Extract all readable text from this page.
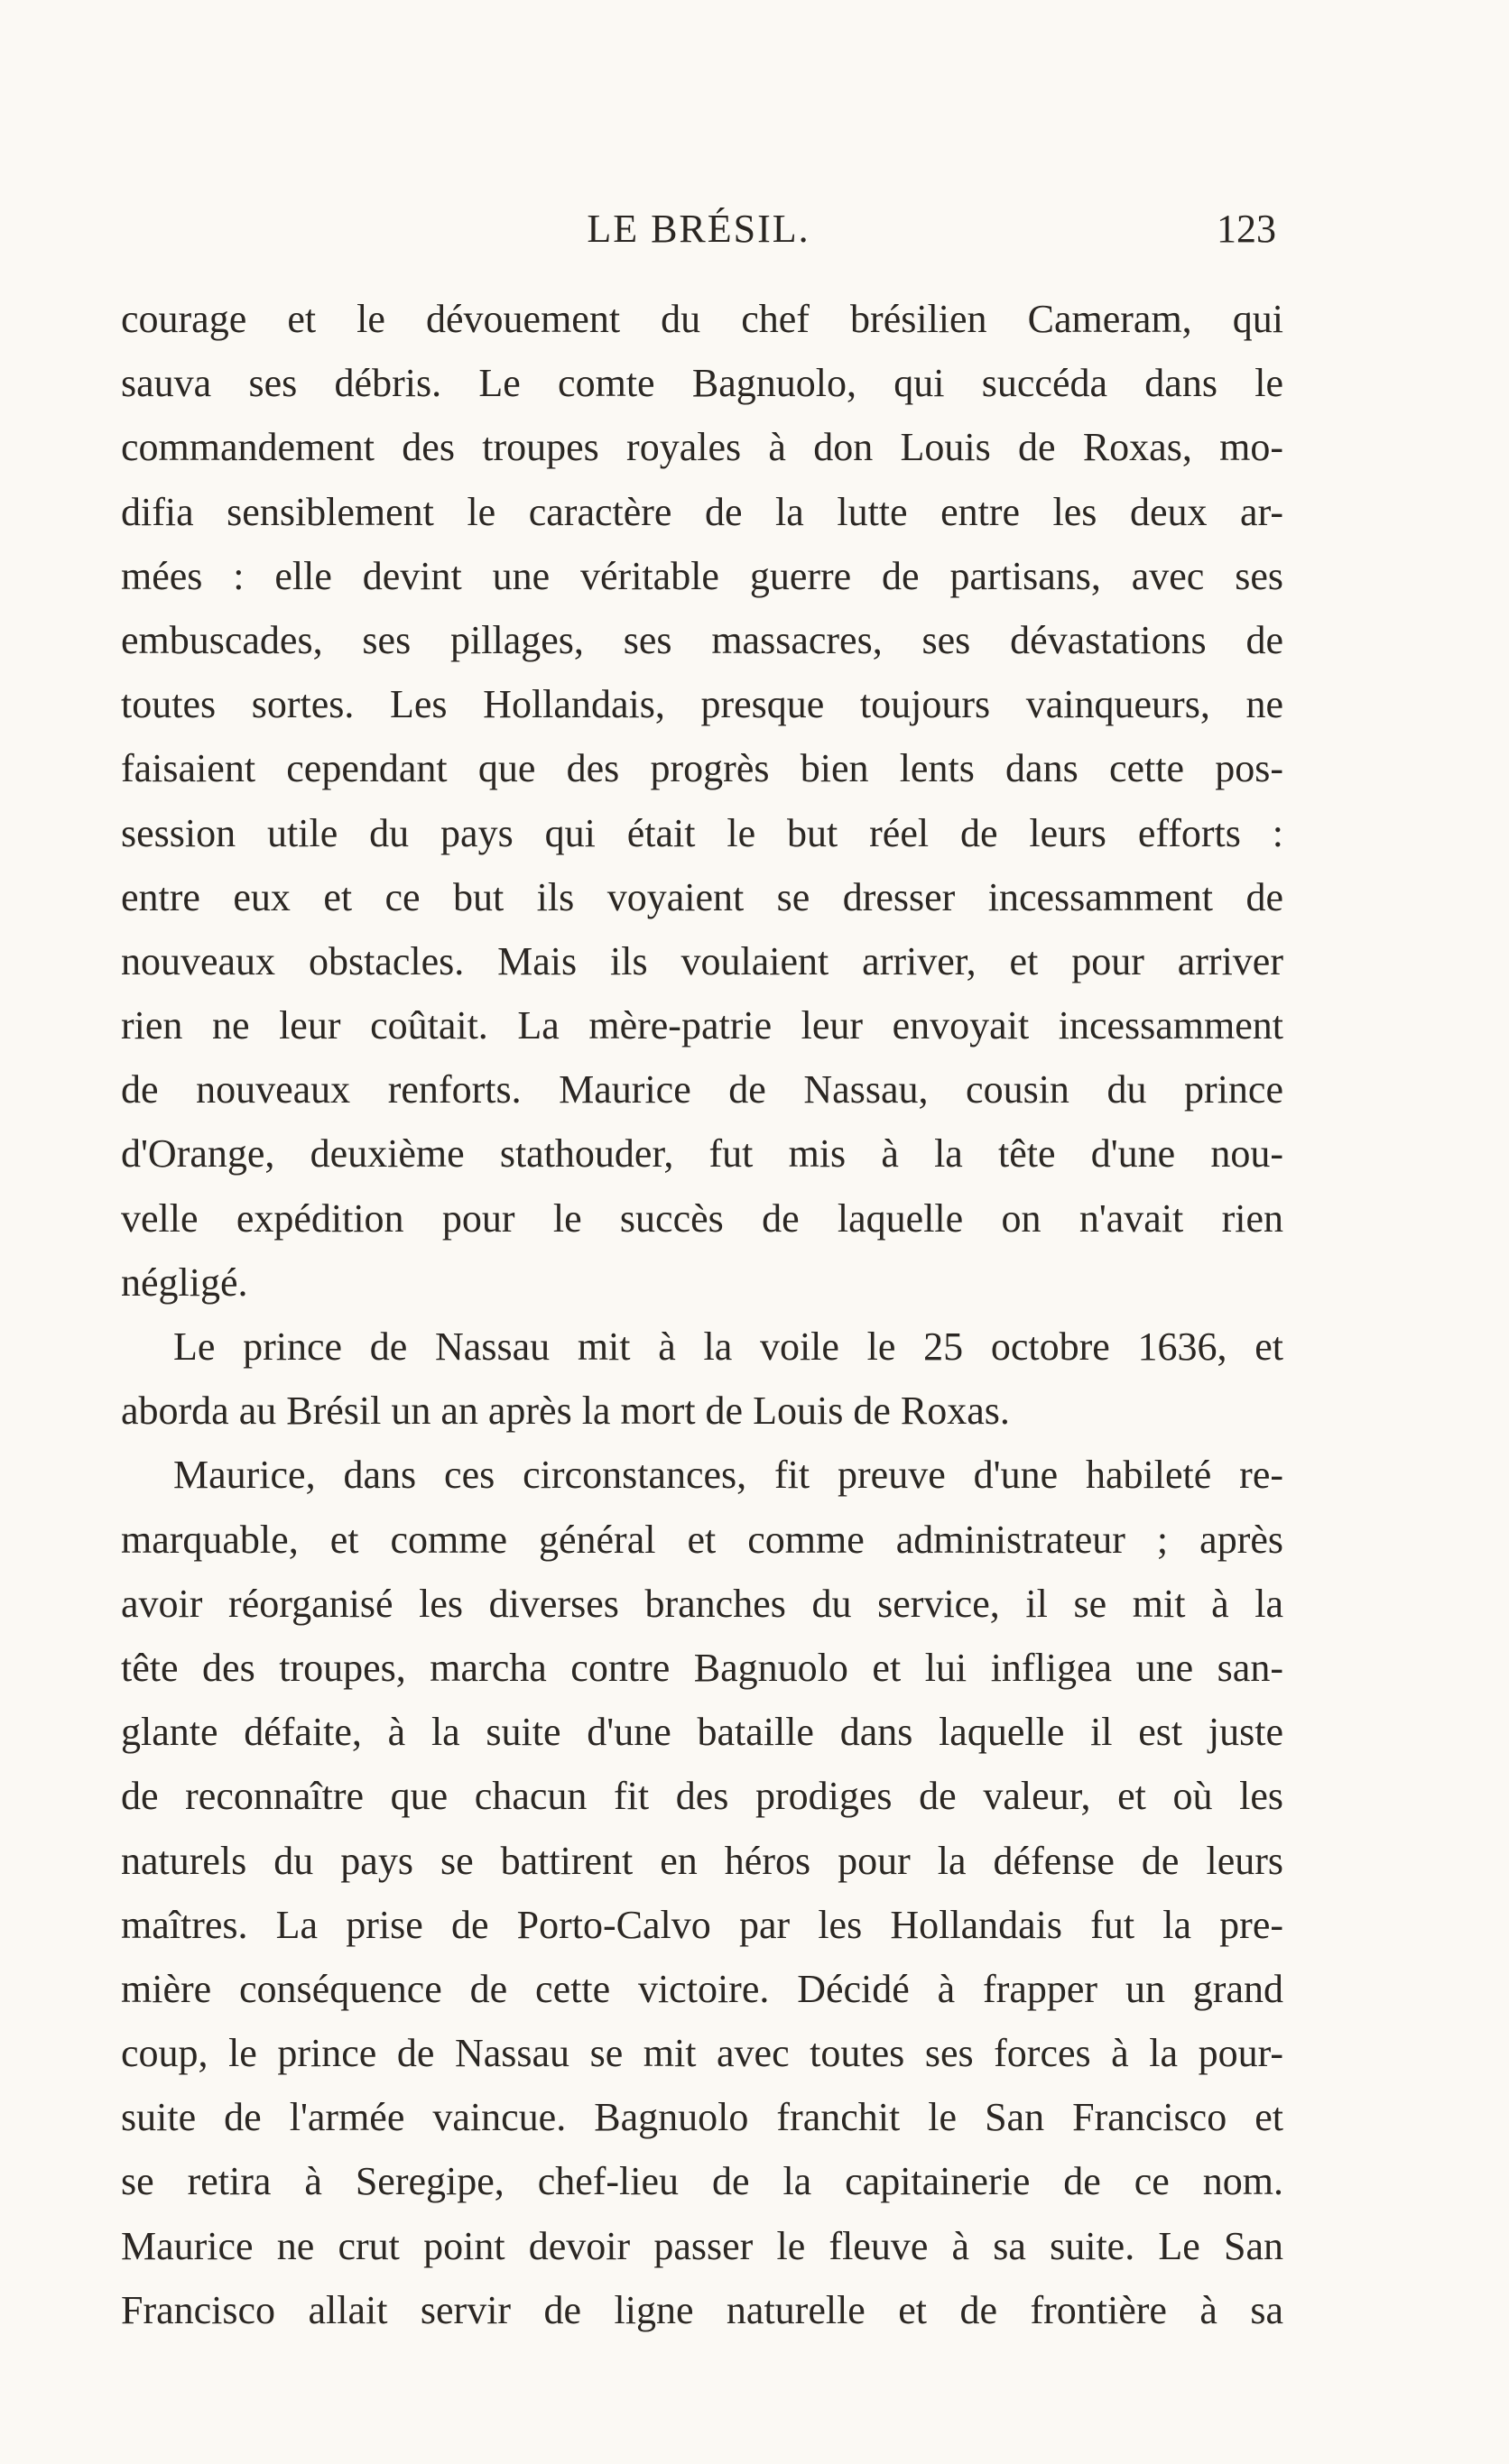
LE BRÉSIL.	123
courage et le dévouement du chef brésilien Cameram, qui
sauva ses débris. Le comte Bagnuolo, qui succéda dans le
commandement des troupes royales à don Louis de Roxas, mo-
difia sensiblement le caractère de la lutte entre les deux ar-
mées : elle devint une véritable guerre de partisans, avec ses
embuscades, ses pillages, ses massacres, ses dévastations de
toutes sortes. Les Hollandais, presque toujours vainqueurs, ne
faisaient cependant que des progrès bien lents dans cette pos-
session utile du pays qui était le but réel de leurs efforts :
entre eux et ce but ils voyaient se dresser incessamment de
nouveaux obstacles. Mais ils voulaient arriver, et pour arriver
rien ne leur coûtait. La mère-patrie leur envoyait incessamment
de nouveaux renforts. Maurice de Nassau, cousin du prince
d'Orange, deuxième stathouder, fut mis à la tête d'une nou-
velle expédition pour le succès de laquelle on n'avait rien
négligé.
Le prince de Nassau mit à la voile le 25 octobre 1636, et
aborda au Brésil un an après la mort de Louis de Roxas.
Maurice, dans ces circonstances, fit preuve d'une habileté re-
marquable, et comme général et comme administrateur ; après
avoir réorganisé les diverses branches du service, il se mit à la
tête des troupes, marcha contre Bagnuolo et lui infligea une san-
glante défaite, à la suite d'une bataille dans laquelle il est juste
de reconnaître que chacun fit des prodiges de valeur, et où les
naturels du pays se battirent en héros pour la défense de leurs
maîtres. La prise de Porto-Calvo par les Hollandais fut la pre-
mière conséquence de cette victoire. Décidé à frapper un grand
coup, le prince de Nassau se mit avec toutes ses forces à la pour-
suite de l'armée vaincue. Bagnuolo franchit le San Francisco et
se retira à Seregipe, chef-lieu de la capitainerie de ce nom.
Maurice ne crut point devoir passer le fleuve à sa suite. Le San
Francisco allait servir de ligne naturelle et de frontière à sa
